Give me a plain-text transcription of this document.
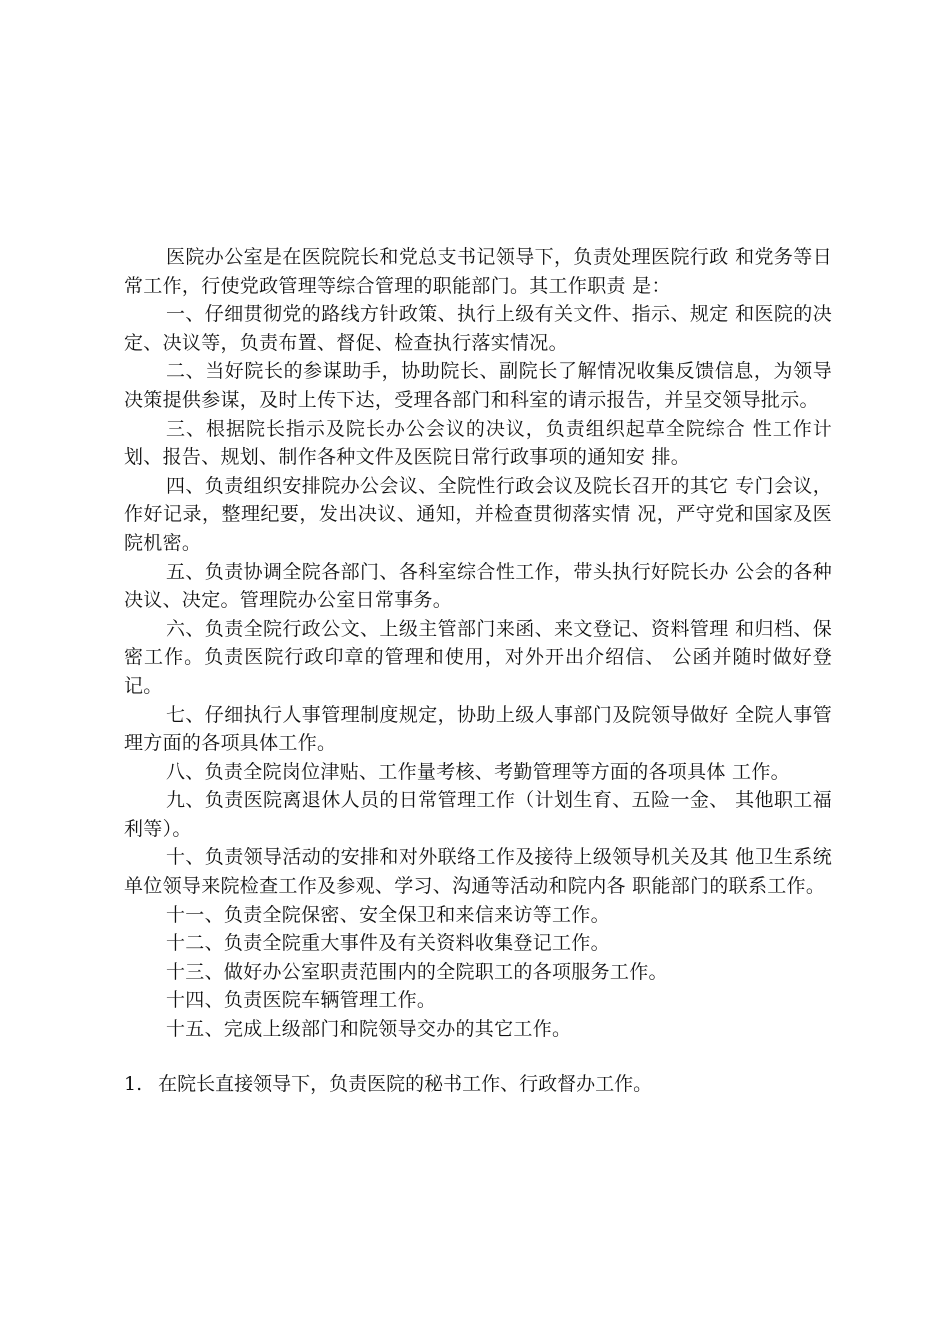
医院办公室是在医院院长和党总支书记领导下，负责处理医院行政 和党务等日常工作，行使党政管理等综合管理的职能部门。其工作职责 是：

一、仔细贯彻党的路线方针政策、执行上级有关文件、指示、规定 和医院的决定、决议等，负责布置、督促、检查执行落实情况。

二、当好院长的参谋助手，协助院长、副院长了解情况收集反馈信息，为领导决策提供参谋，及时上传下达，受理各部门和科室的请示报告，并呈交领导批示。

三、根据院长指示及院长办公会议的决议，负责组织起草全院综合 性工作计划、报告、规划、制作各种文件及医院日常行政事项的通知安 排。

四、负责组织安排院办公会议、全院性行政会议及院长召开的其它 专门会议，作好记录，整理纪要，发出决议、通知，并检查贯彻落实情 况，严守党和国家及医院机密。

五、负责协调全院各部门、各科室综合性工作，带头执行好院长办 公会的各种决议、决定。管理院办公室日常事务。

六、负责全院行政公文、上级主管部门来函、来文登记、资料管理 和归档、保密工作。负责医院行政印章的管理和使用，对外开出介绍信、 公函并随时做好登记。

七、仔细执行人事管理制度规定，协助上级人事部门及院领导做好 全院人事管理方面的各项具体工作。

八、负责全院岗位津贴、工作量考核、考勤管理等方面的各项具体 工作。

九、负责医院离退休人员的日常管理工作（计划生育、五险一金、 其他职工福利等）。

十、负责领导活动的安排和对外联络工作及接待上级领导机关及其 他卫生系统单位领导来院检查工作及参观、学习、沟通等活动和院内各 职能部门的联系工作。

十一、负责全院保密、安全保卫和来信来访等工作。

十二、负责全院重大事件及有关资料收集登记工作。

十三、做好办公室职责范围内的全院职工的各项服务工作。

十四、负责医院车辆管理工作。

十五、完成上级部门和院领导交办的其它工作。

1. 在院长直接领导下，负责医院的秘书工作、行政督办工作。
